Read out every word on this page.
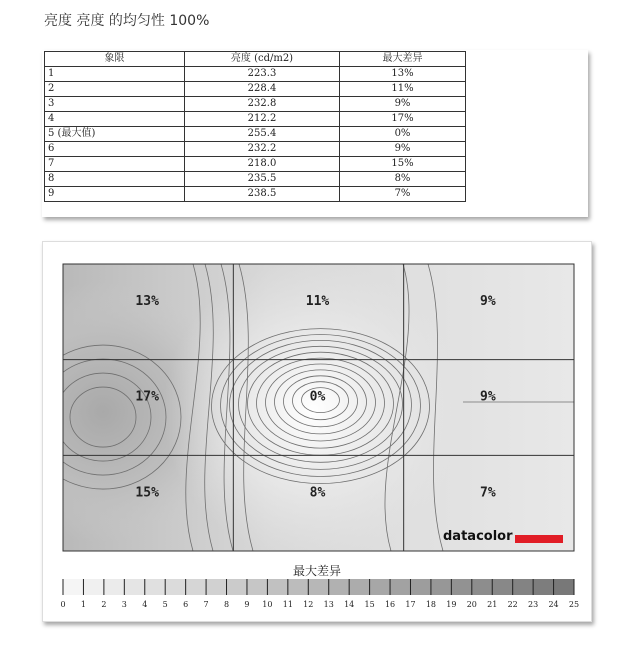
亮度 亮度 的均匀性 100%
象限	亮度 (cd/m2)	最大差异
1	223.3	13%
2	228.4	11%
3	232.8	9%
4	212.2	17%
5 (最大值)	255.4	0%
6	232.2	9%
7	218.0	15%
8	235.5	8%
9	238.5	7%
13%	11%	9%
17%	0%	9%
15%	8%	7%
0 1 2 3 4 5 6 7 8 9 10 11 12 13 14 15 16 17 18 19 20 21 22 23 24 25
datacolor
最大差异
